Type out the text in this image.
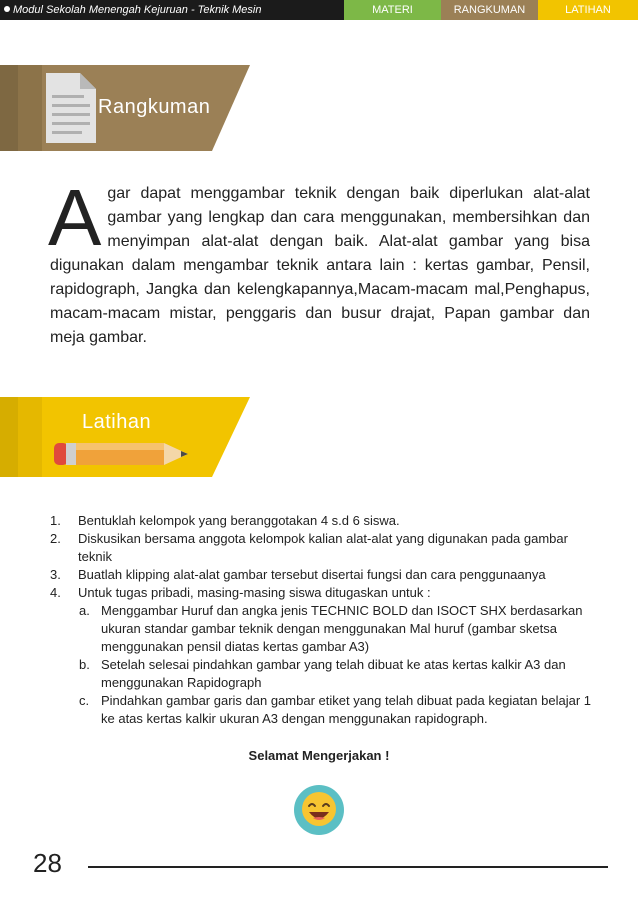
Modul Sekolah Menengah Kejuruan - Teknik Mesin	MATERI	RANGKUMAN	LATIHAN
Rangkuman
Agar dapat menggambar teknik dengan baik diperlukan alat-alat gambar yang lengkap dan cara menggunakan, membersihkan dan menyimpan alat-alat dengan baik. Alat-alat gambar yang bisa digunakan dalam mengambar teknik antara lain : kertas gambar, Pensil, rapidograph, Jangka dan kelengkapannya,Macam-macam mal,Penghapus, macam-macam mistar, penggaris dan busur drajat, Papan gambar dan meja gambar.
Latihan
1.	Bentuklah kelompok yang beranggotakan 4 s.d 6 siswa.
2.	Diskusikan bersama anggota kelompok kalian alat-alat yang digunakan pada gambar teknik
3.	Buatlah klipping alat-alat gambar tersebut disertai fungsi dan cara penggunaanya
4.	Untuk tugas pribadi, masing-masing siswa ditugaskan untuk :
a. Menggambar Huruf dan angka jenis TECHNIC BOLD dan ISOCT SHX berdasarkan ukuran standar gambar teknik dengan menggunakan Mal huruf (gambar sketsa menggunakan pensil diatas kertas gambar A3)
b. Setelah selesai pindahkan gambar yang telah dibuat ke atas kertas kalkir A3 dan menggunakan Rapidograph
c. Pindahkan gambar garis dan gambar etiket yang telah dibuat pada kegiatan belajar 1 ke atas kertas kalkir ukuran A3 dengan menggunakan rapidograph.
Selamat Mengerjakan !
28
